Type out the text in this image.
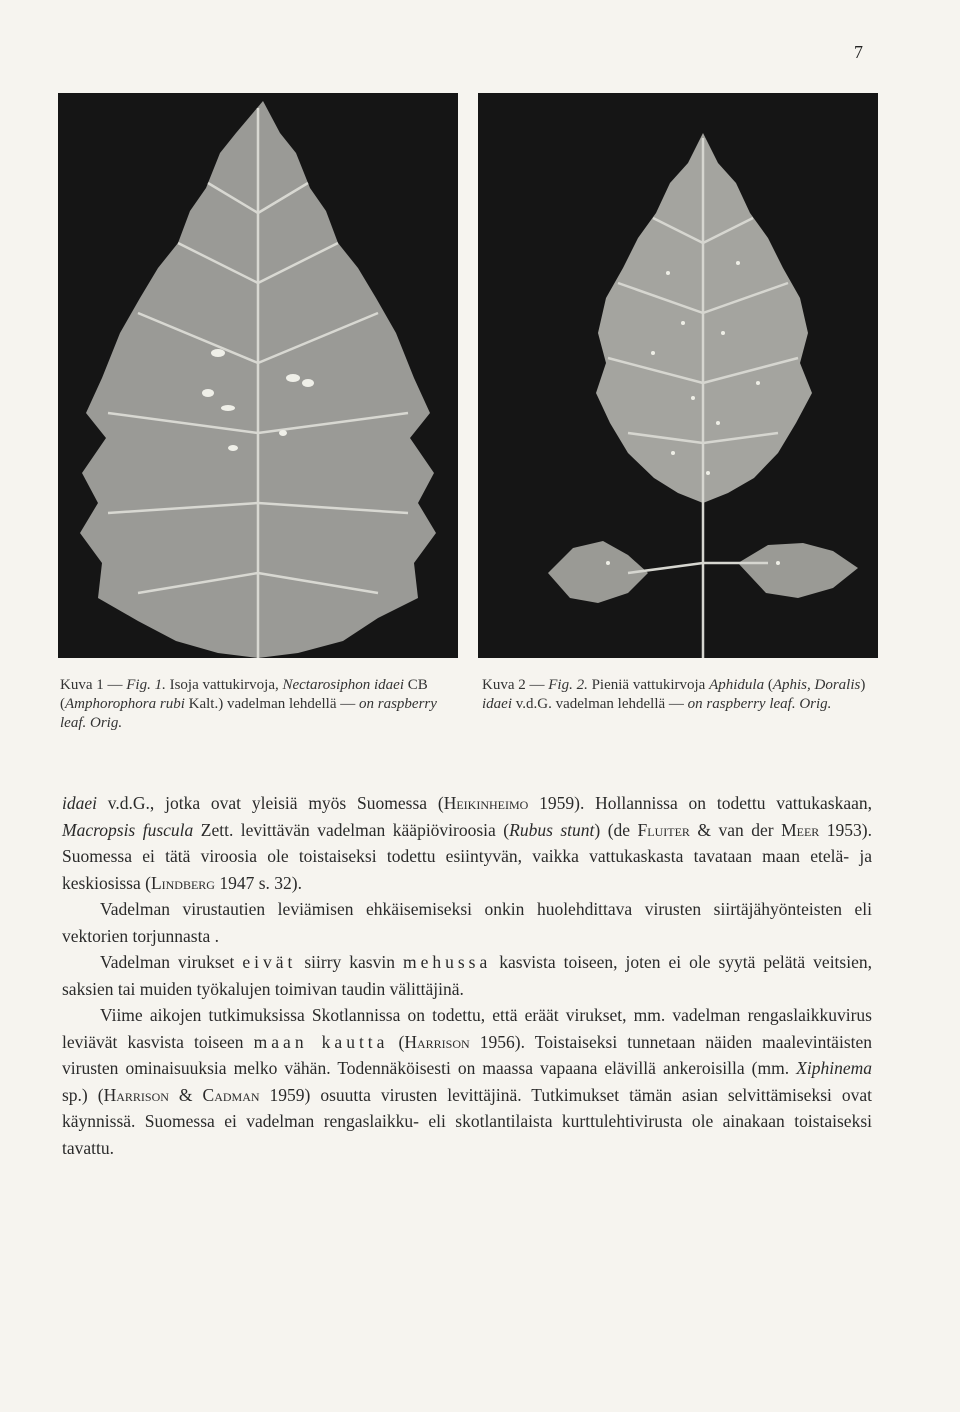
7
Kuva 1 — Fig. 1. Isoja vattukirvoja, Nectarosiphon idaei CB (Amphorophora rubi Kalt.) vadelman lehdellä — on raspberry leaf. Orig.
Kuva 2 — Fig. 2. Pieniä vattukirvoja Aphidula (Aphis, Doralis) idaei v.d.G. vadelman lehdellä — on raspberry leaf. Orig.

idaei v.d.G., jotka ovat yleisiä myös Suomessa (Heikinheimo 1959). Hollannissa on todettu vattukaskaan, Macropsis fuscula Zett. levittävän vadelman kääpiöviroosia (Rubus stunt) (de Fluiter & van der Meer 1953). Suomessa ei tätä viroosia ole toistaiseksi todettu esiintyvän, vaikka vattukaskasta tavataan maan etelä- ja keskiosissa (Lindberg 1947 s. 32).

Vadelman virustautien leviämisen ehkäisemiseksi onkin huolehdittava virusten siirtäjähyönteisten eli vektorien torjunnasta .

Vadelman virukset eivät siirry kasvin mehussa kasvista toiseen, joten ei ole syytä pelätä veitsien, saksien tai muiden työkalujen toimivan taudin välittäjinä.

Viime aikojen tutkimuksissa Skotlannissa on todettu, että eräät virukset, mm. vadelman rengaslaikkuvirus leviävät kasvista toiseen maan kautta (Harrison 1956). Toistaiseksi tunnetaan näiden maalevintäisten virusten ominaisuuksia melko vähän. Todennäköisesti on maassa vapaana elävillä ankeroisilla (mm. Xiphinema sp.) (Harrison & Cadman 1959) osuutta virusten levittäjinä. Tutkimukset tämän asian selvittämiseksi ovat käynnissä. Suomessa ei vadelman rengaslaikku- eli skotlantilaista kurttulehtivirusta ole ainakaan toistaiseksi tavattu.
